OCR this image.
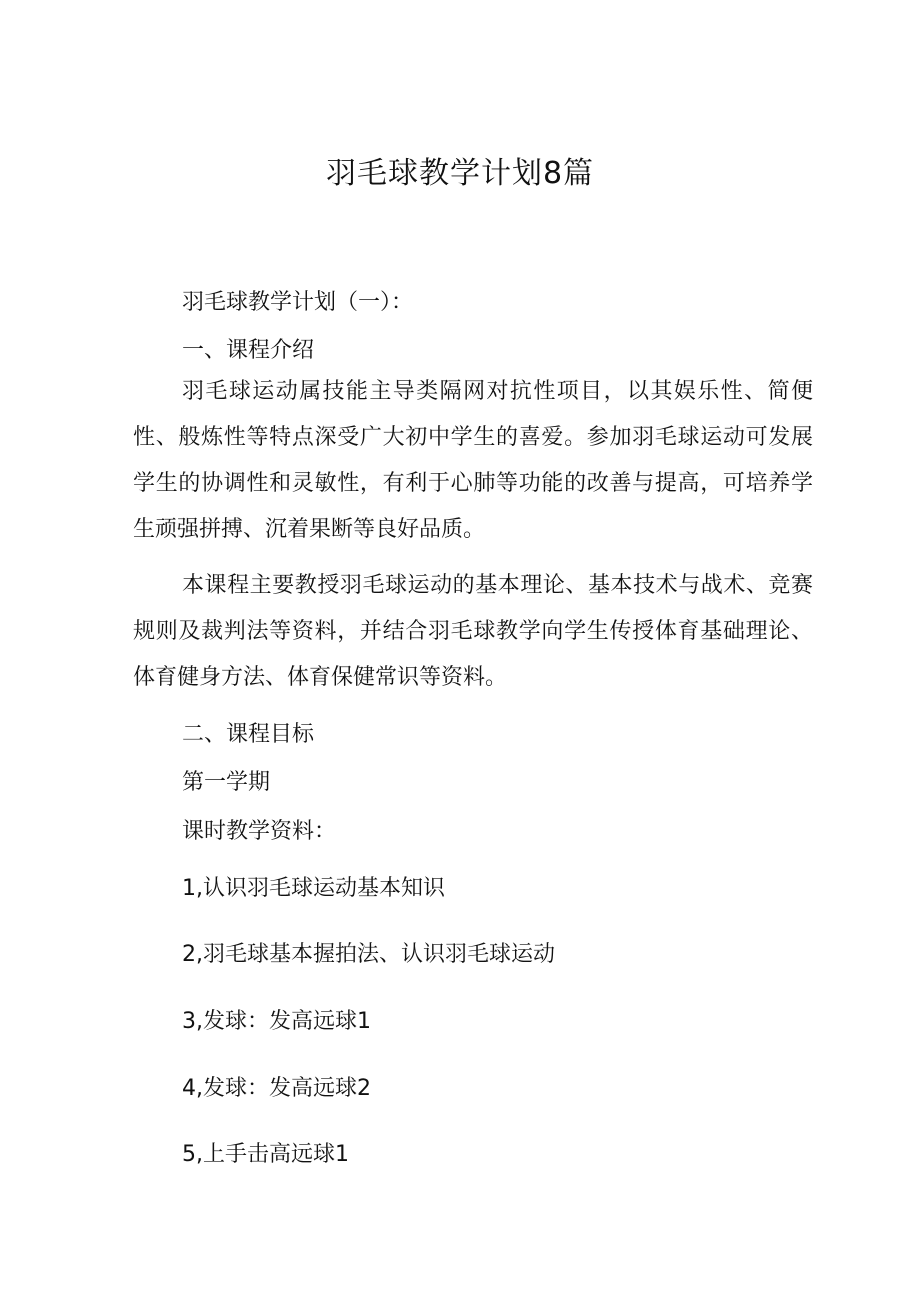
羽毛球教学计划8篇
羽毛球教学计划（一）：
一、课程介绍
羽毛球运动属技能主导类隔网对抗性项目，以其娱乐性、简便性、般炼性等特点深受广大初中学生的喜爱。参加羽毛球运动可发展学生的协调性和灵敏性，有利于心肺等功能的改善与提高，可培养学生顽强拼搏、沉着果断等良好品质。
本课程主要教授羽毛球运动的基本理论、基本技术与战术、竞赛规则及裁判法等资料，并结合羽毛球教学向学生传授体育基础理论、体育健身方法、体育保健常识等资料。
二、课程目标
第一学期
课时教学资料：
1,认识羽毛球运动基本知识
2,羽毛球基本握拍法、认识羽毛球运动
3,发球：发高远球1
4,发球：发高远球2
5,上手击高远球1
